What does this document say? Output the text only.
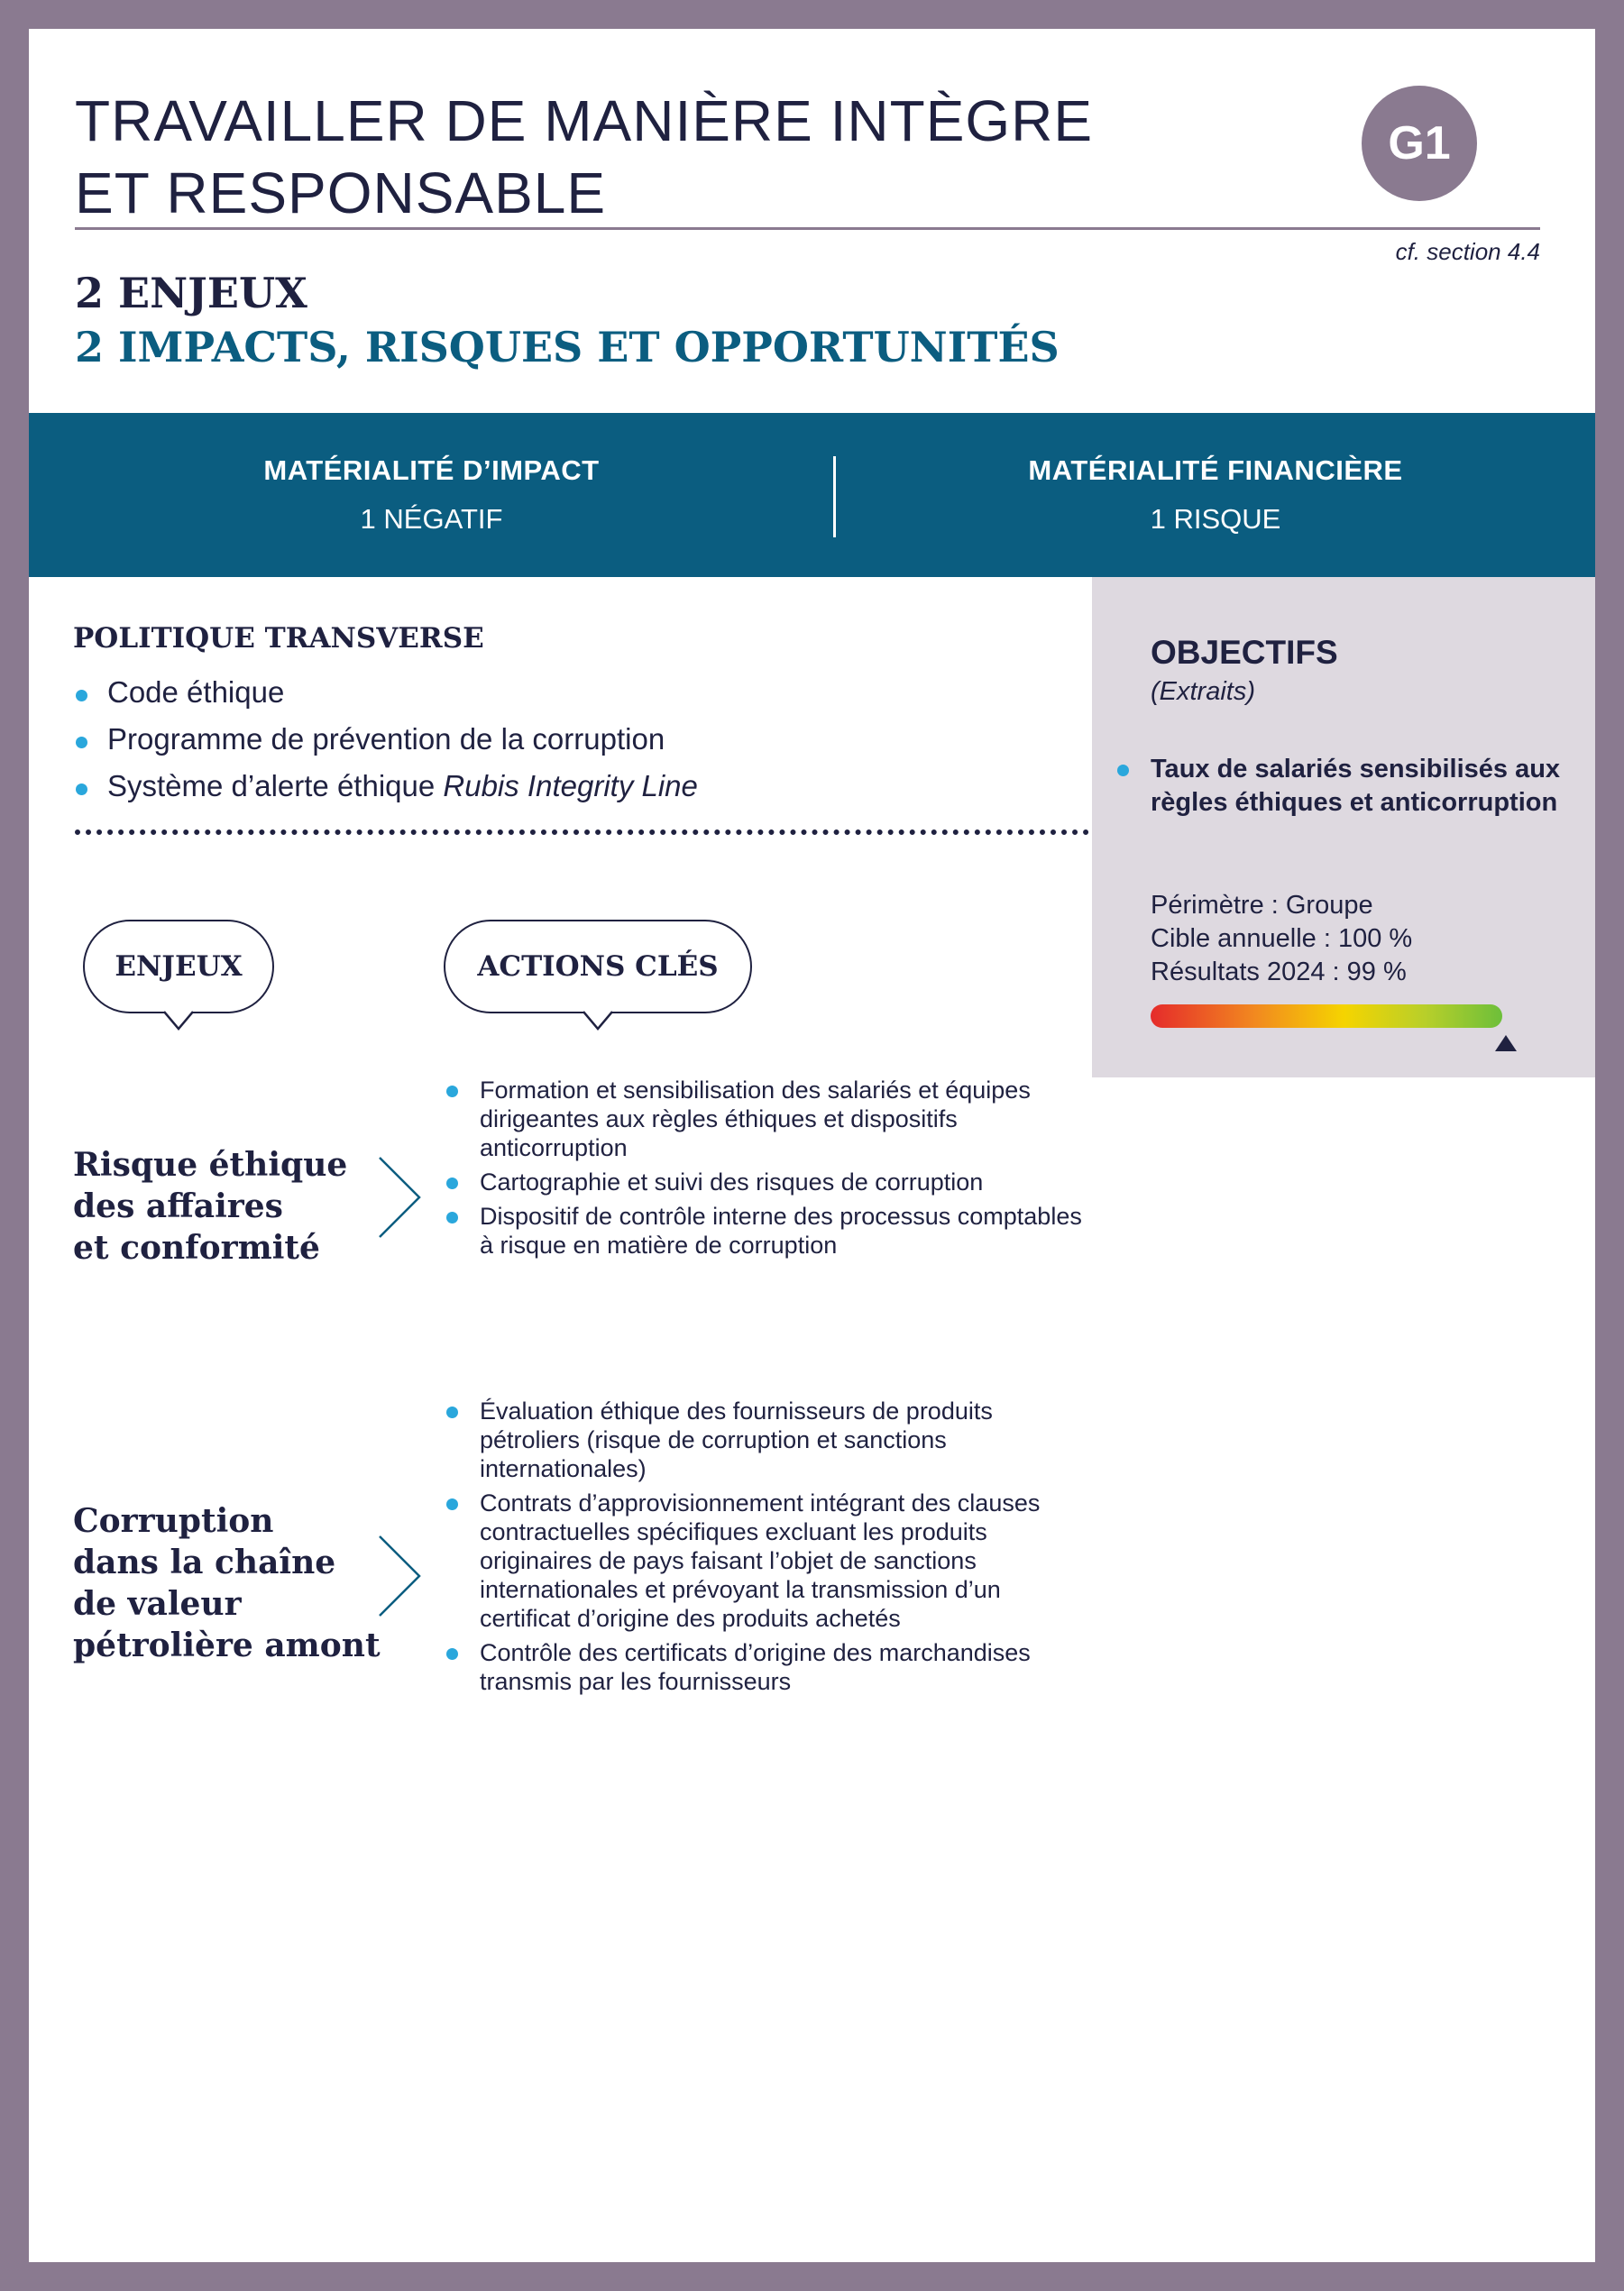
TRAVAILLER DE MANIÈRE INTÈGRE
ET RESPONSABLE
G1
cf. section 4.4
2 ENJEUX
2 IMPACTS, RISQUES ET OPPORTUNITÉS
MATÉRIALITÉ D’IMPACT
1 NÉGATIF
MATÉRIALITÉ FINANCIÈRE
1 RISQUE
POLITIQUE TRANSVERSE
Code éthique
Programme de prévention de la corruption
Système d’alerte éthique Rubis Integrity Line
ENJEUX	ACTIONS CLÉS
Risque éthique
des affaires
et conformité
Formation et sensibilisation des salariés et équipes dirigeantes aux règles éthiques et dispositifs anticorruption
Cartographie et suivi des risques de corruption
Dispositif de contrôle interne des processus comptables à risque en matière de corruption
Corruption
dans la chaîne
de valeur
pétrolière amont
Évaluation éthique des fournisseurs de produits pétroliers (risque de corruption et sanctions internationales)
Contrats d’approvisionnement intégrant des clauses contractuelles spécifiques excluant les produits originaires de pays faisant l’objet de sanctions internationales et prévoyant la transmission d’un certificat d’origine des produits achetés
Contrôle des certificats d’origine des marchandises transmis par les fournisseurs
OBJECTIFS
(Extraits)
Taux de salariés sensibilisés aux règles éthiques et anticorruption
Périmètre : Groupe
Cible annuelle : 100 %
Résultats 2024 : 99 %
